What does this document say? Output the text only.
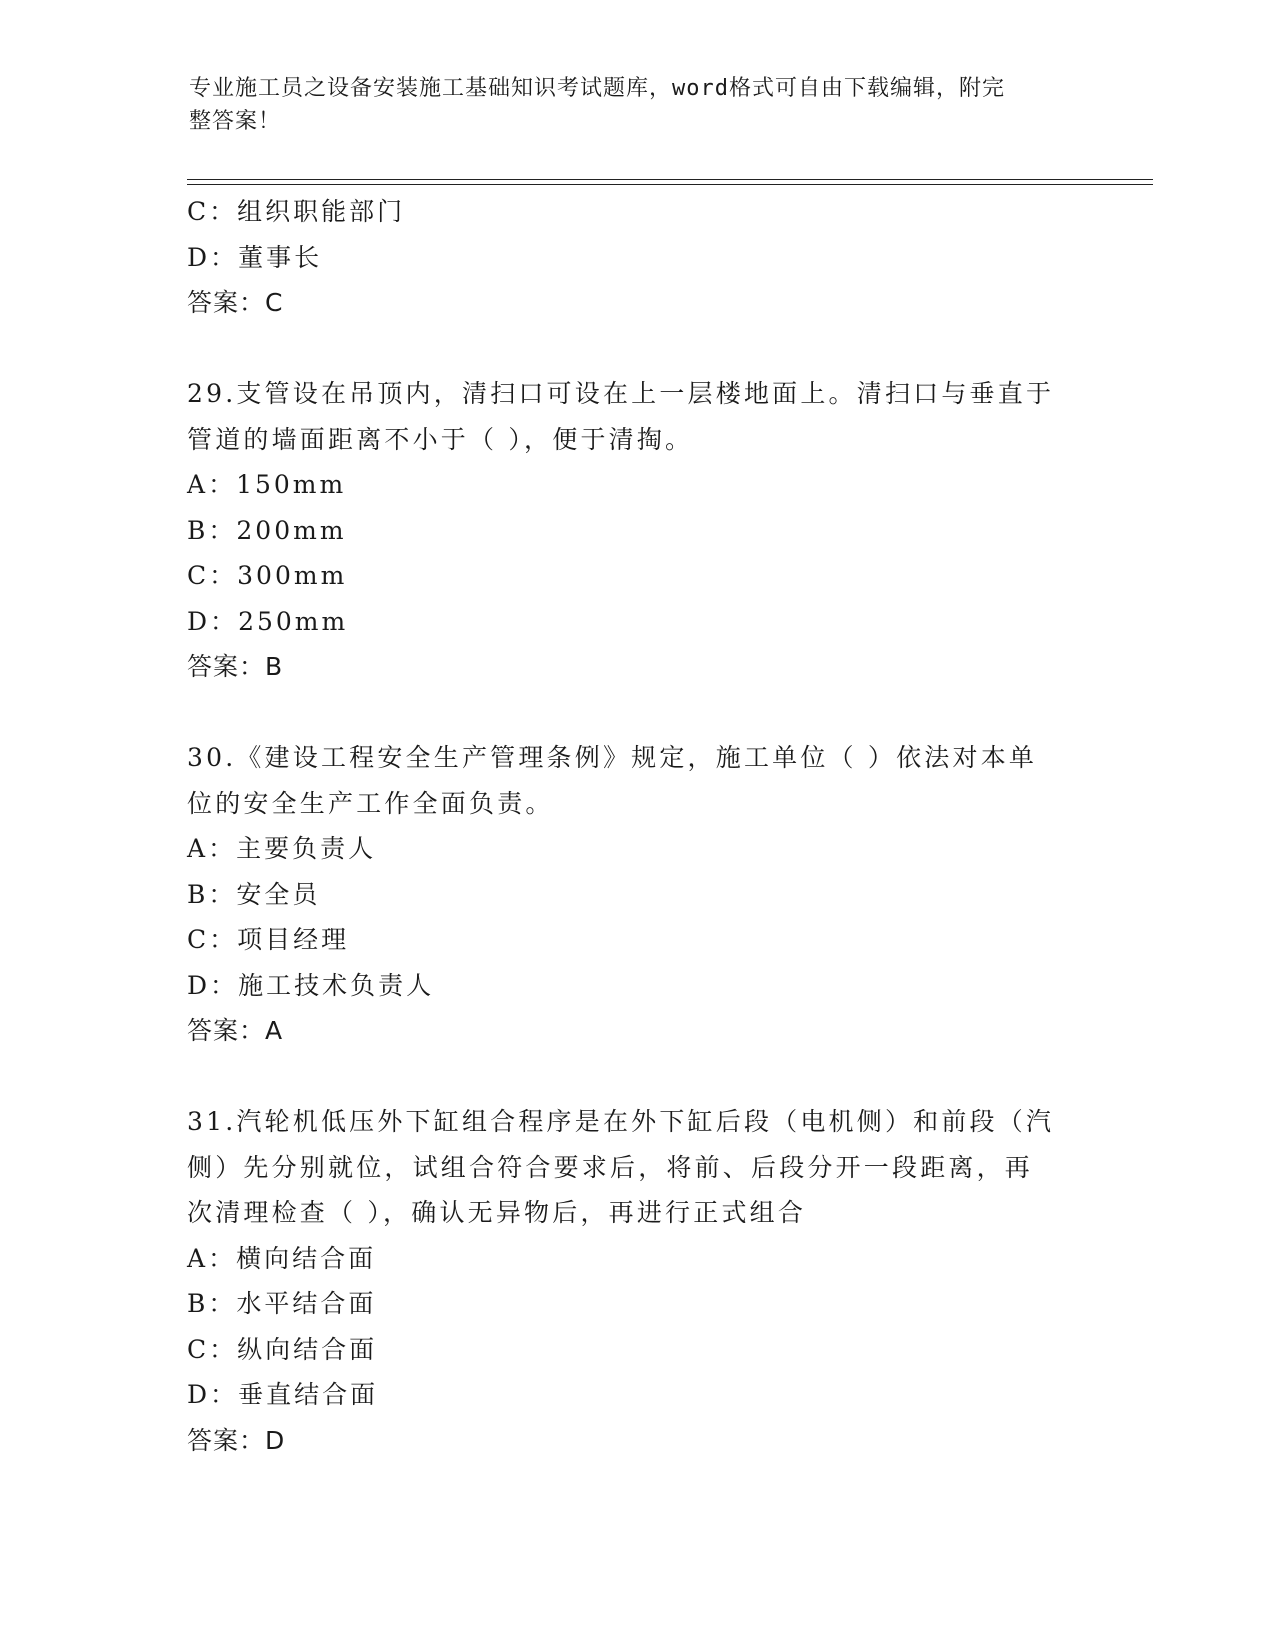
专业施工员之设备安装施工基础知识考试题库，word格式可自由下载编辑，附完
整答案！
C：组织职能部门
D：董事长
答案：C
29.支管设在吊顶内，清扫口可设在上一层楼地面上。清扫口与垂直于
管道的墙面距离不小于（ ），便于清掏。
A：150mm
B：200mm
C：300mm
D：250mm
答案：B
30.《建设工程安全生产管理条例》规定，施工单位（ ）依法对本单
位的安全生产工作全面负责。
A：主要负责人
B：安全员
C：项目经理
D：施工技术负责人
答案：A
31.汽轮机低压外下缸组合程序是在外下缸后段（电机侧）和前段（汽
侧）先分别就位，试组合符合要求后，将前、后段分开一段距离，再
次清理检查（ ），确认无异物后，再进行正式组合
A：横向结合面
B：水平结合面
C：纵向结合面
D：垂直结合面
答案：D
